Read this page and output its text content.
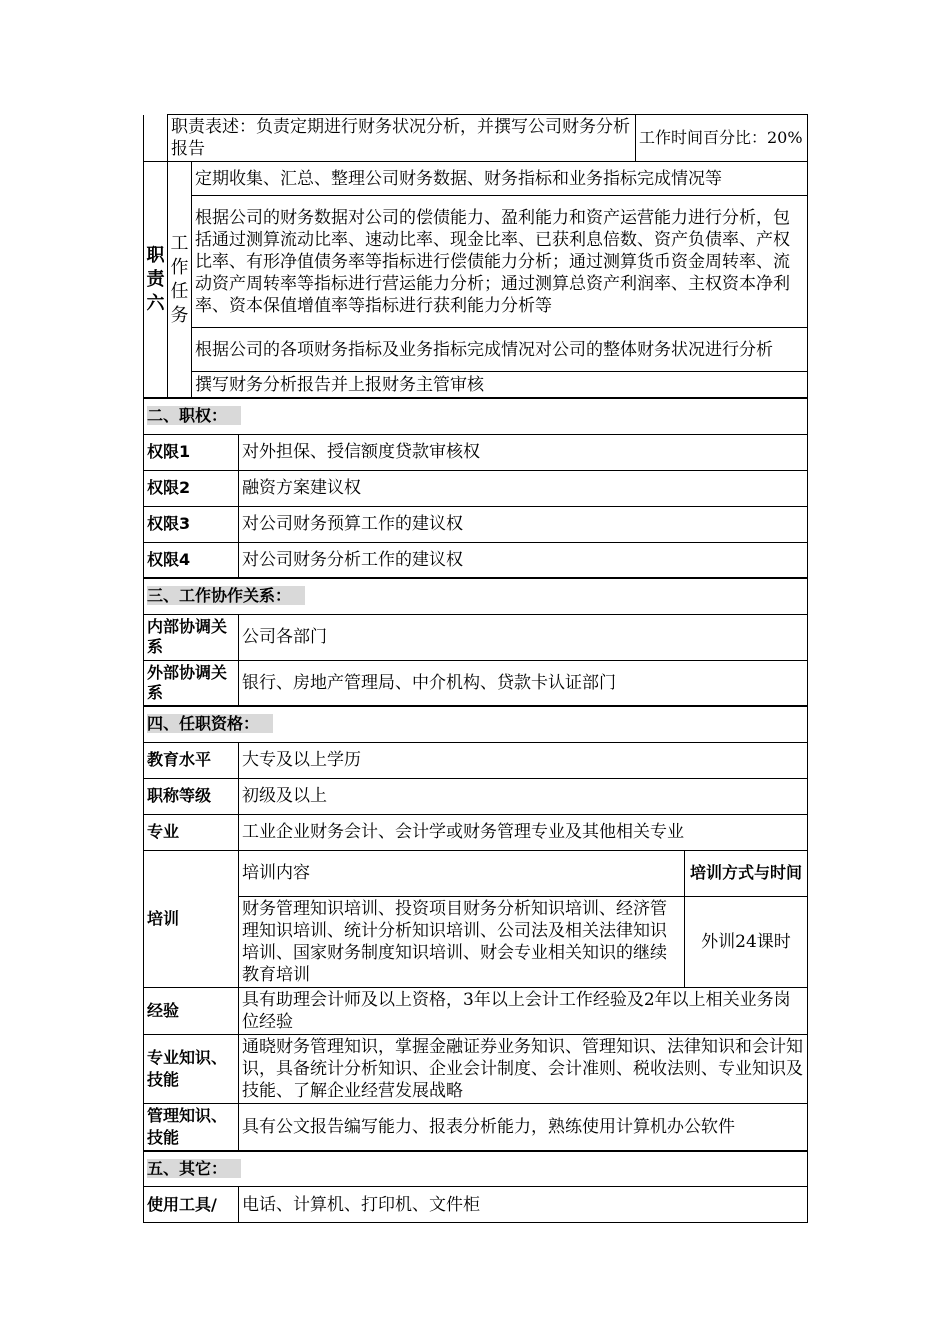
	职责表述：负责定期进行财务状况分析，并撰写公司财务分析报告		工作时间百分比：20%
职责六	工作任务	定期收集、汇总、整理公司财务数据、财务指标和业务指标完成情况等	
		根据公司的财务数据对公司的偿债能力、盈利能力和资产运营能力进行分析，包括通过测算流动比率、速动比率、现金比率、已获利息倍数、资产负债率、产权比率、有形净值债务率等指标进行偿债能力分析；通过测算货币资金周转率、流动资产周转率等指标进行营运能力分析；通过测算总资产利润率、主权资本净利率、资本保值增值率等指标进行获利能力分析等	
		根据公司的各项财务指标及业务指标完成情况对公司的整体财务状况进行分析	
		撰写财务分析报告并上报财务主管审核	
二、职权：		
权限1	对外担保、授信额度贷款审核权	
权限2	融资方案建议权	
权限3	对公司财务预算工作的建议权	
权限4	对公司财务分析工作的建议权	
三、工作协作关系：		
内部协调关系	公司各部门	
外部协调关系	银行、房地产管理局、中介机构、贷款卡认证部门	
四、任职资格：		
教育水平	大专及以上学历	
职称等级	初级及以上	
专业	工业企业财务会计、会计学或财务管理专业及其他相关专业	
培训	培训内容	培训方式与时间
	财务管理知识培训、投资项目财务分析知识培训、经济管理知识培训、统计分析知识培训、公司法及相关法律知识培训、国家财务制度知识培训、财会专业相关知识的继续教育培训	外训24课时
经验	具有助理会计师及以上资格，3年以上会计工作经验及2年以上相关业务岗位经验	
专业知识、技能	通晓财务管理知识，掌握金融证券业务知识、管理知识、法律知识和会计知识，具备统计分析知识、企业会计制度、会计准则、税收法则、专业知识及技能、了解企业经营发展战略	
管理知识、技能	具有公文报告编写能力、报表分析能力，熟练使用计算机办公软件	
五、其它：		
使用工具/	电话、计算机、打印机、文件柜	
